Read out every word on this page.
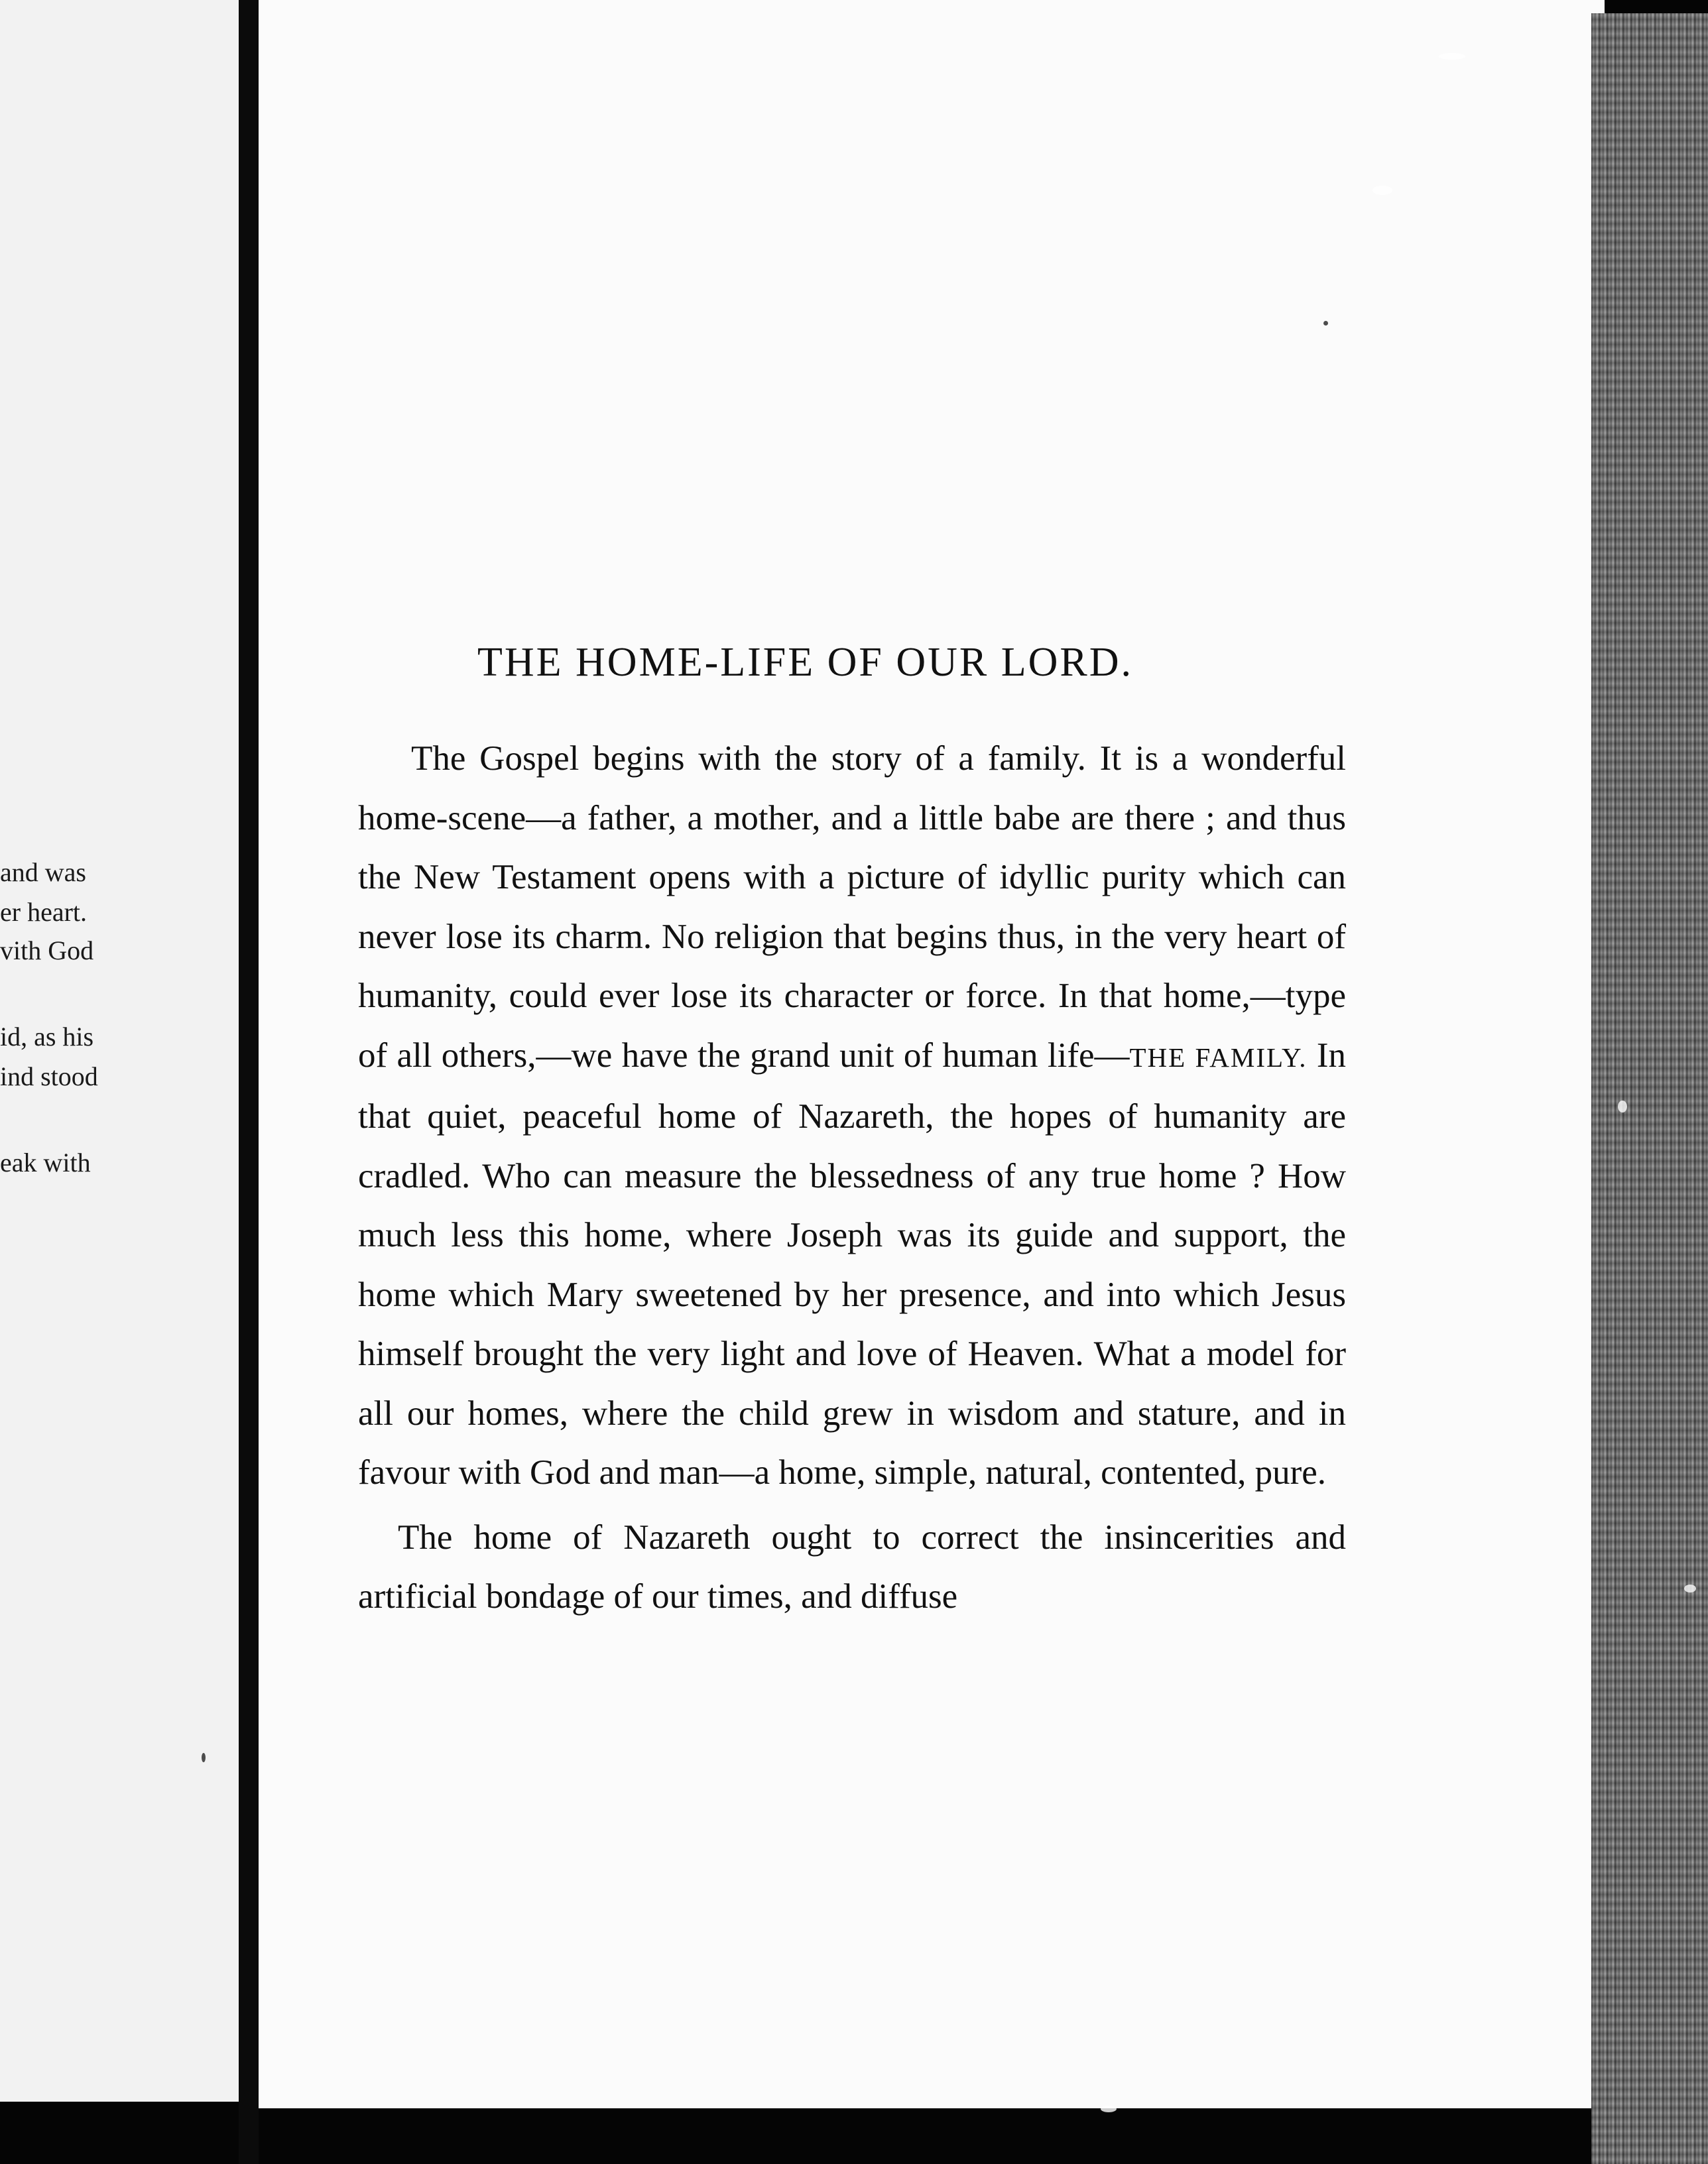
and was

er heart.

vith God

id, as his

ind stood

eak with

THE HOME-LIFE OF OUR LORD.

The Gospel begins with the story of a family. It is a wonderful home-scene—a father, a mother, and a little babe are there ; and thus the New Testament opens with a picture of idyllic purity which can never lose its charm. No religion that begins thus, in the very heart of humanity, could ever lose its character or force. In that home,—type of all others,—we have the grand unit of human life—THE FAMILY. In that quiet, peaceful home of Nazareth, the hopes of humanity are cradled. Who can measure the blessedness of any true home ? How much less this home, where Joseph was its guide and support, the home which Mary sweetened by her presence, and into which Jesus himself brought the very light and love of Heaven. What a model for all our homes, where the child grew in wisdom and stature, and in favour with God and man—a home, simple, natural, contented, pure.

The home of Nazareth ought to correct the insincerities and artificial bondage of our times, and diffuse
